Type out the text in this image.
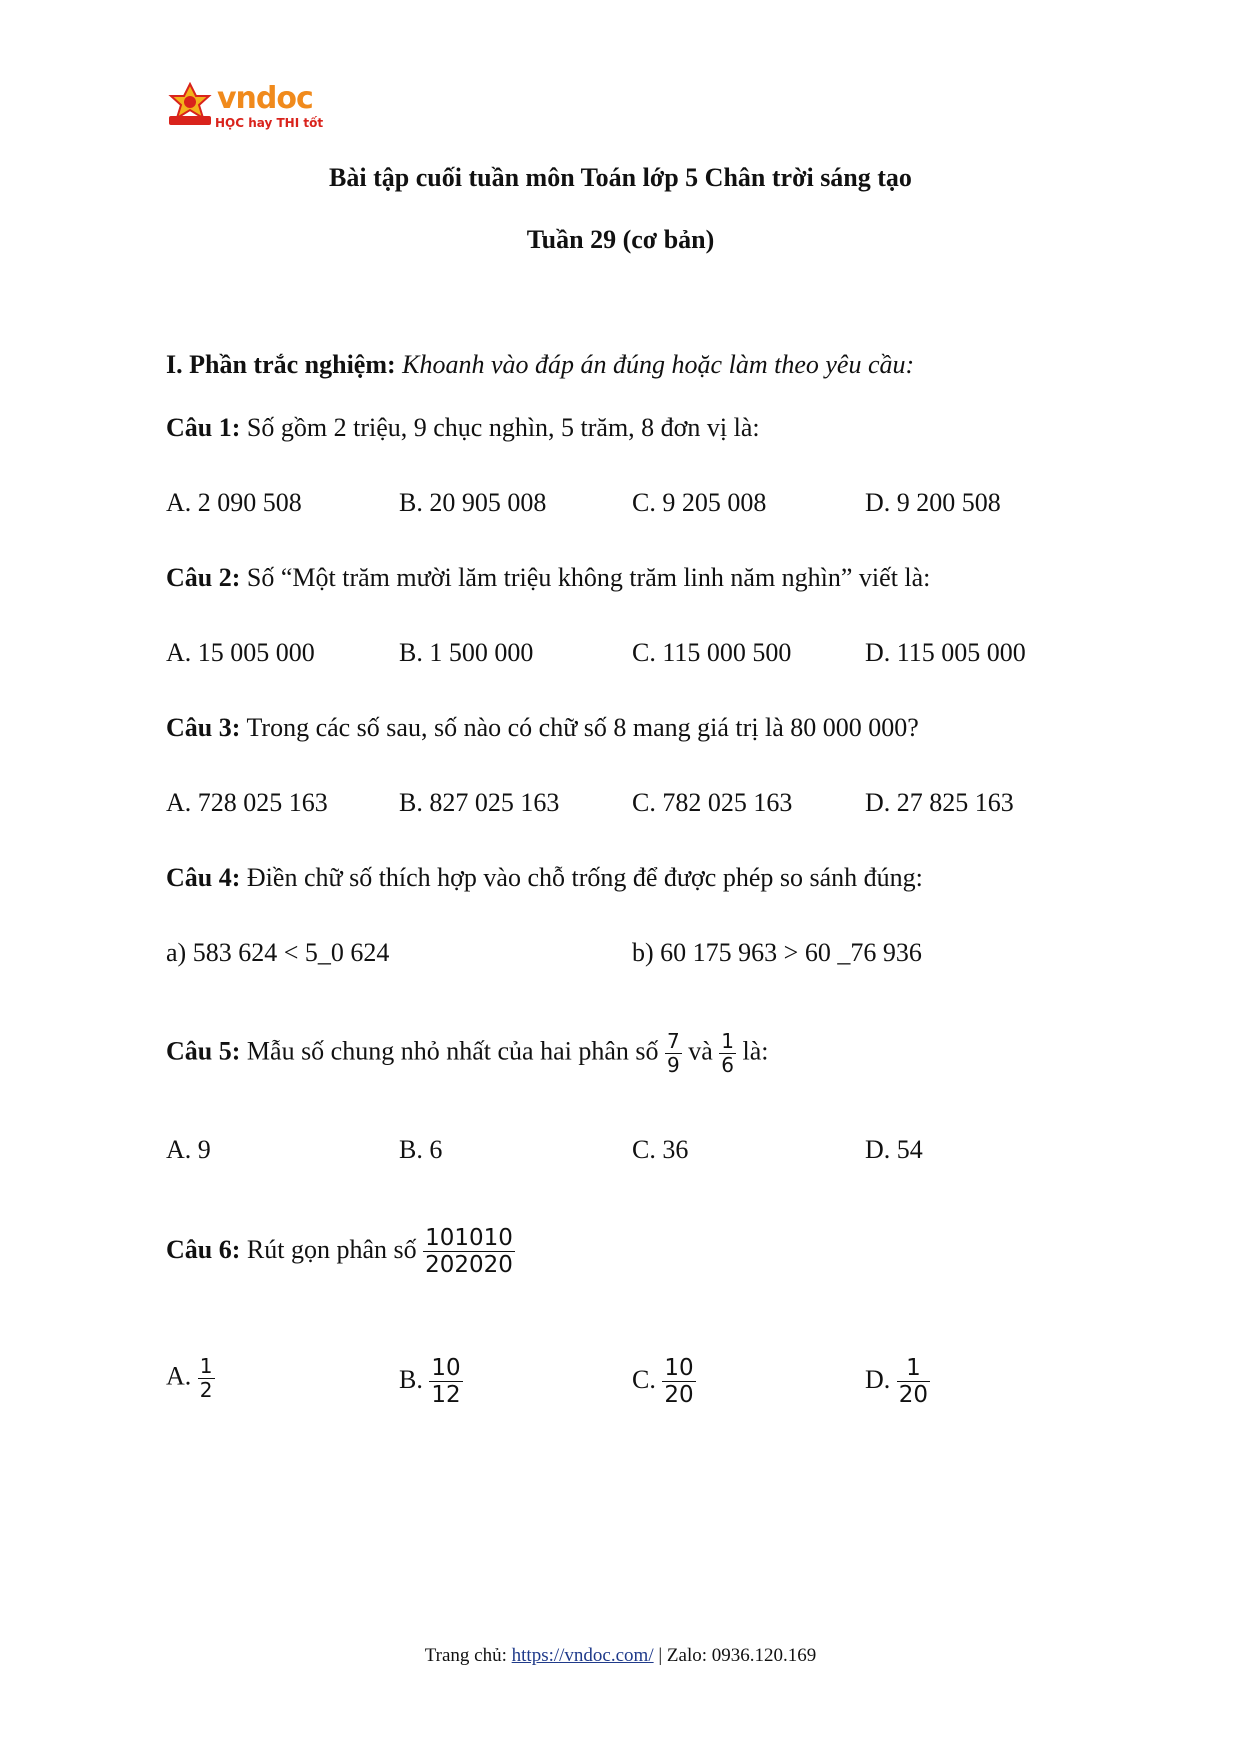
vndoc
HỌC hay THI tốt
Bài tập cuối tuần môn Toán lớp 5 Chân trời sáng tạo
Tuần 29 (cơ bản)
I. Phần trắc nghiệm: Khoanh vào đáp án đúng hoặc làm theo yêu cầu:
Câu 1: Số gồm 2 triệu, 9 chục nghìn, 5 trăm, 8 đơn vị là:
A. 2 090 508	B. 20 905 008	C. 9 205 008	D. 9 200 508
Câu 2: Số “Một trăm mười lăm triệu không trăm linh năm nghìn” viết là:
A. 15 005 000	B. 1 500 000	C. 115 000 500	D. 115 005 000
Câu 3: Trong các số sau, số nào có chữ số 8 mang giá trị là 80 000 000?
A. 728 025 163	B. 827 025 163	C. 782 025 163	D. 27 825 163
Câu 4: Điền chữ số thích hợp vào chỗ trống để được phép so sánh đúng:
a) 583 624 < 5_0 624	b) 60 175 963 > 60 _76 936
Câu 5: Mẫu số chung nhỏ nhất của hai phân số $\frac{7}{9}$ và $\frac{1}{6}$ là:
A. 9	B. 6	C. 36	D. 54
Câu 6: Rút gọn phân số $\frac{101010}{202020}$
A. $\frac{1}{2}$	B. $\frac{10}{12}$	C. $\frac{10}{20}$	D. $\frac{1}{20}$
Trang chủ: https://vndoc.com/ | Zalo: 0936.120.169
